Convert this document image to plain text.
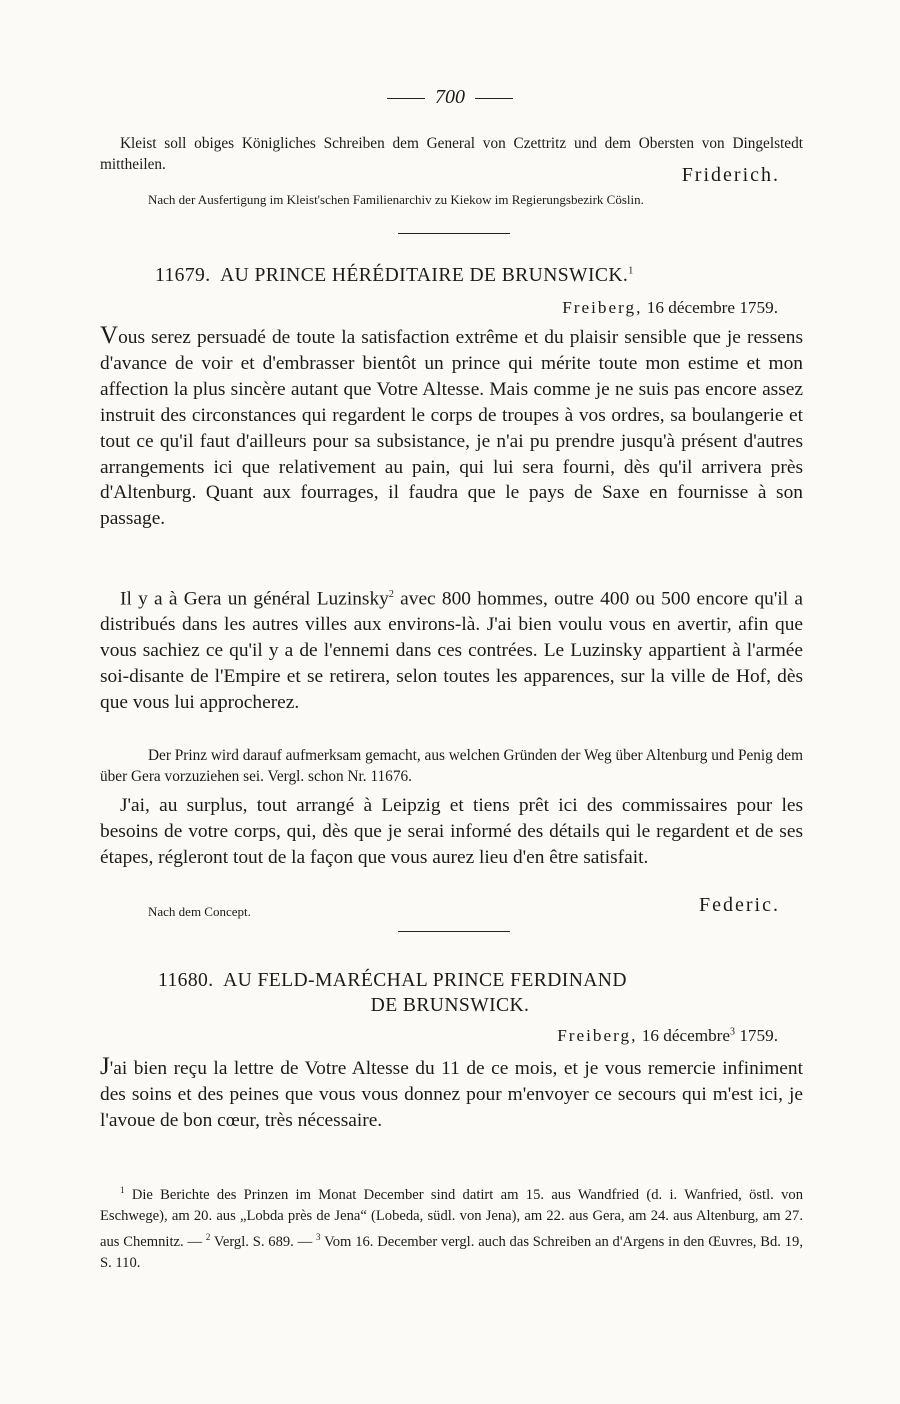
700

Kleist soll obiges Königliches Schreiben dem General von Czettritz und dem Obersten von Dingelstedt mittheilen.	Friderich.

Nach der Ausfertigung im Kleist'schen Familienarchiv zu Kiekow im Regierungsbezirk Cöslin.

11679. AU PRINCE HÉRÉDITAIRE DE BRUNSWICK.$^1$
Freiberg, 16 décembre 1759.

Vous serez persuadé de toute la satisfaction extrême et du plaisir sensible que je ressens d'avance de voir et d'embrasser bientôt un prince qui mérite toute mon estime et mon affection la plus sincère autant que Votre Altesse. Mais comme je ne suis pas encore assez instruit des circonstances qui regardent le corps de troupes à vos ordres, sa boulangerie et tout ce qu'il faut d'ailleurs pour sa subsistance, je n'ai pu prendre jusqu'à présent d'autres arrangements ici que relativement au pain, qui lui sera fourni, dès qu'il arrivera près d'Altenburg. Quant aux fourrages, il faudra que le pays de Saxe en fournisse à son passage.

Il y a à Gera un général Luzinsky$^2$ avec 800 hommes, outre 400 ou 500 encore qu'il a distribués dans les autres villes aux environs-là. J'ai bien voulu vous en avertir, afin que vous sachiez ce qu'il y a de l'ennemi dans ces contrées. Le Luzinsky appartient à l'armée soi-disante de l'Empire et se retirera, selon toutes les apparences, sur la ville de Hof, dès que vous lui approcherez.

Der Prinz wird darauf aufmerksam gemacht, aus welchen Gründen der Weg über Altenburg und Penig dem über Gera vorzuziehen sei. Vergl. schon Nr. 11676.

J'ai, au surplus, tout arrangé à Leipzig et tiens prêt ici des commissaires pour les besoins de votre corps, qui, dès que je serai informé des détails qui le regardent et de ses étapes, régleront tout de la façon que vous aurez lieu d'en être satisfait.

Nach dem Concept.	Federic.
11680. AU FELD-MARÉCHAL PRINCE FERDINAND
DE BRUNSWICK.
Freiberg, 16 décembre$^3$ 1759.

J'ai bien reçu la lettre de Votre Altesse du 11 de ce mois, et je vous remercie infiniment des soins et des peines que vous vous donnez pour m'envoyer ce secours qui m'est ici, je l'avoue de bon cœur, très nécessaire.

$^1$ Die Berichte des Prinzen im Monat December sind datirt am 15. aus Wandfried (d. i. Wanfried, östl. von Eschwege), am 20. aus „Lobda près de Jena“ (Lobeda, südl. von Jena), am 22. aus Gera, am 24. aus Altenburg, am 27. aus Chemnitz. — $^2$ Vergl. S. 689. — $^3$ Vom 16. December vergl. auch das Schreiben an d'Argens in den Œuvres, Bd. 19, S. 110.
